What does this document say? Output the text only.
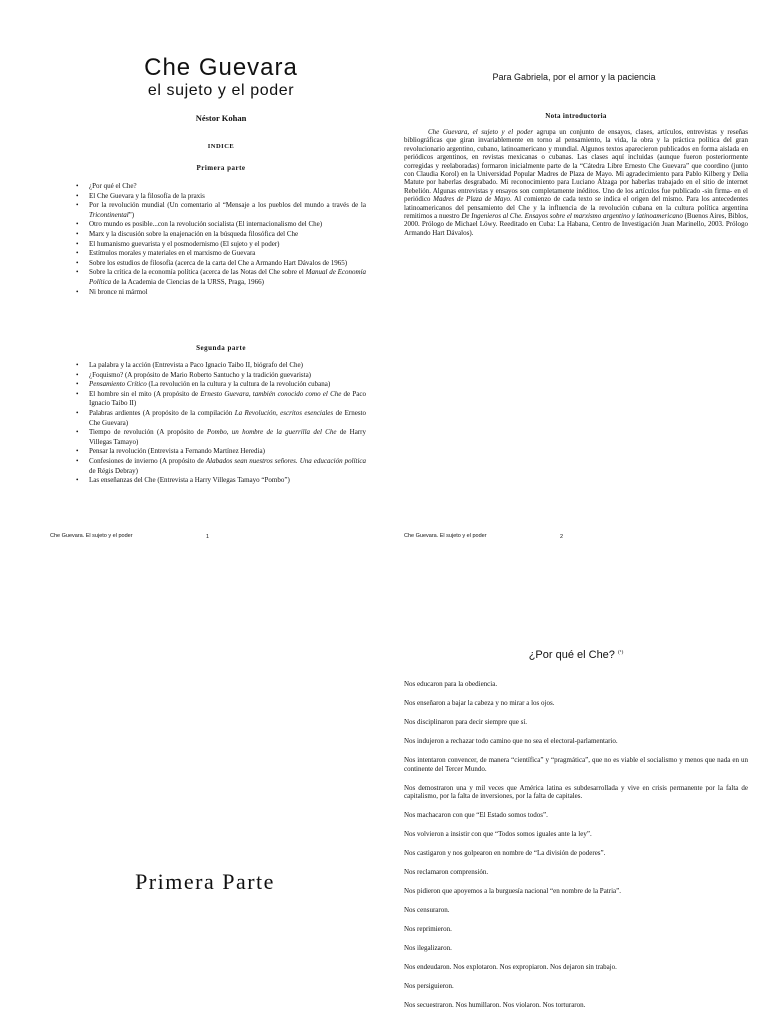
Che Guevara
el sujeto y el poder
Néstor Kohan
INDICE
Primera parte
• ¿Por qué el Che?
• El Che Guevara y la filosofía de la praxis
• Por la revolución mundial (Un comentario al “Mensaje a los pueblos del mundo a través de la Tricontinental”)
• Otro mundo es posible...con la revolución socialista (El internacionalismo del Che)
• Marx y la discusión sobre la enajenación en la búsqueda filosófica del Che
• El humanismo guevarista y el posmodernismo (El sujeto y el poder)
• Estímulos morales y materiales en el marxismo de Guevara
• Sobre los estudios de filosofía (acerca de la carta del Che a Armando Hart Dávalos de 1965)
• Sobre la crítica de la economía política (acerca de las Notas del Che sobre el Manual de Economía Política de la Academia de Ciencias de la URSS, Praga, 1966)
• Ni bronce ni mármol
Segunda parte
• La palabra y la acción (Entrevista a Paco Ignacio Taibo II, biógrafo del Che)
• ¿Foquismo? (A propósito de Mario Roberto Santucho y la tradición guevarista)
• Pensamiento Crítico (La revolución en la cultura y la cultura de la revolución cubana)
• El hombre sin el mito (A propósito de Ernesto Guevara, también conocido como el Che de Paco Ignacio Taibo II)
• Palabras ardientes (A propósito de la compilación La Revolución, escritos esenciales de Ernesto Che Guevara)
• Tiempo de revolución (A propósito de Pombo, un hombre de la guerrilla del Che de Harry Villegas Tamayo)
• Pensar la revolución (Entrevista a Fernando Martínez Heredia)
• Confesiones de invierno (A propósito de Alabados sean nuestros señores. Una educación política de Régis Debray)
• Las enseñanzas del Che (Entrevista a Harry Villegas Tamayo “Pombo”)
Che Guevara. El sujeto y el poder	1
Para Gabriela, por el amor y la paciencia
Nota introductoria

Che Guevara, el sujeto y el poder agrupa un conjunto de ensayos, clases, artículos, entrevistas y reseñas bibliográficas que giran invariablemente en torno al pensamiento, la vida, la obra y la práctica política del gran revolucionario argentino, cubano, latinoamericano y mundial. Algunos textos aparecieron publicados en forma aislada en periódicos argentinos, en revistas mexicanas o cubanas. Las clases aquí incluidas (aunque fueron posteriormente corregidas y reelaboradas) formaron inicialmente parte de la “Cátedra Libre Ernesto Che Guevara” que coordino (junto con Claudia Korol) en la Universidad Popular Madres de Plaza de Mayo. Mi agradecimiento para Pablo Kilberg y Delia Matute por haberlas desgrabado. Mi reconocimiento para Luciano Álzaga por haberlas trabajado en el sitio de internet Rebelión. Algunas entrevistas y ensayos son completamente inéditos. Uno de los artículos fue publicado -sin firma- en el periódico Madres de Plaza de Mayo. Al comienzo de cada texto se indica el origen del mismo. Para los antecedentes latinoamericanos del pensamiento del Che y la influencia de la revolución cubana en la cultura política argentina remitimos a nuestro De Ingenieros al Che. Ensayos sobre el marxismo argentino y latinoamericano (Buenos Aires, Biblos, 2000. Prólogo de Michael Löwy. Reeditado en Cuba: La Habana, Centro de Investigación Juan Marinello, 2003. Prólogo Armando Hart Dávalos).

Che Guevara. El sujeto y el poder	2
Primera Parte
¿Por qué el Che? $^{(^1)}$

Nos educaron para la obediencia.

Nos enseñaron a bajar la cabeza y no mirar a los ojos.

Nos disciplinaron para decir siempre que sí.

Nos indujeron a rechazar todo camino que no sea el electoral-parlamentario.

Nos intentaron convencer, de manera “científica” y “pragmática”, que no es viable el socialismo y menos que nada en un continente del Tercer Mundo.

Nos demostraron una y mil veces que América latina es subdesarrollada y vive en crisis permanente por la falta de capitalismo, por la falta de inversiones, por la falta de capitales.

Nos machacaron con que “El Estado somos todos”.

Nos volvieron a insistir con que “Todos somos iguales ante la ley”.

Nos castigaron y nos golpearon en nombre de “La división de poderes”.

Nos reclamaron comprensión.

Nos pidieron que apoyemos a la burguesía nacional “en nombre de la Patria”.

Nos censuraron.

Nos reprimieron.

Nos ilegalizaron.

Nos endeudaron. Nos explotaron. Nos expropiaron. Nos dejaron sin trabajo.

Nos persiguieron.

Nos secuestraron. Nos humillaron. Nos violaron. Nos torturaron.
